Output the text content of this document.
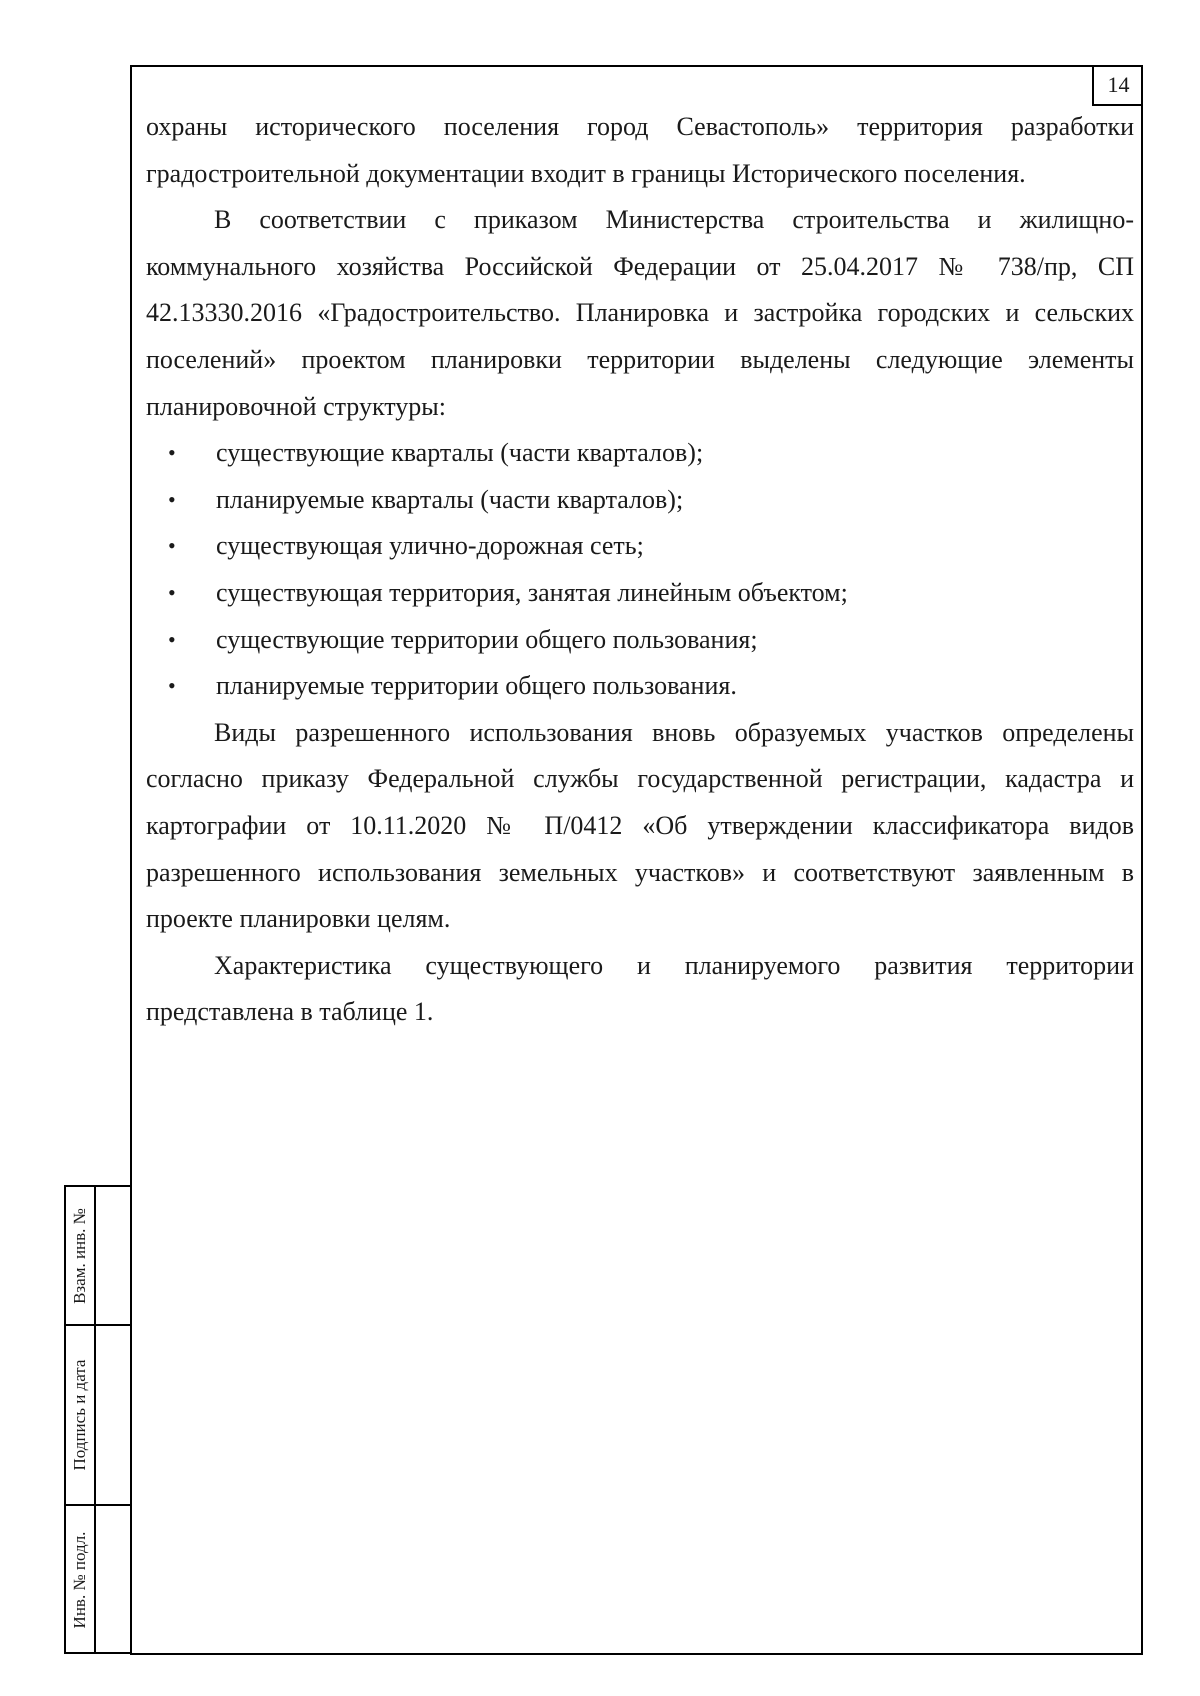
14

охраны исторического поселения город Севастополь» территория разработки градостроительной документации входит в границы Исторического поселения.

В соответствии с приказом Министерства строительства и жилищно-коммунального хозяйства Российской Федерации от 25.04.2017 № 738/пр, СП 42.13330.2016 «Градостроительство. Планировка и застройка городских и сельских поселений» проектом планировки территории выделены следующие элементы планировочной структуры:

• существующие кварталы (части кварталов);
• планируемые кварталы (части кварталов);
• существующая улично-дорожная сеть;
• существующая территория, занятая линейным объектом;
• существующие территории общего пользования;
• планируемые территории общего пользования.

Виды разрешенного использования вновь образуемых участков определены согласно приказу Федеральной службы государственной регистрации, кадастра и картографии от 10.11.2020 № П/0412 «Об утверждении классификатора видов разрешенного использования земельных участков» и соответствуют заявленным в проекте планировки целям.

Характеристика существующего и планируемого развития территории представлена в таблице 1.

Взам. инв. №
Подпись и дата
Инв. № подл.
